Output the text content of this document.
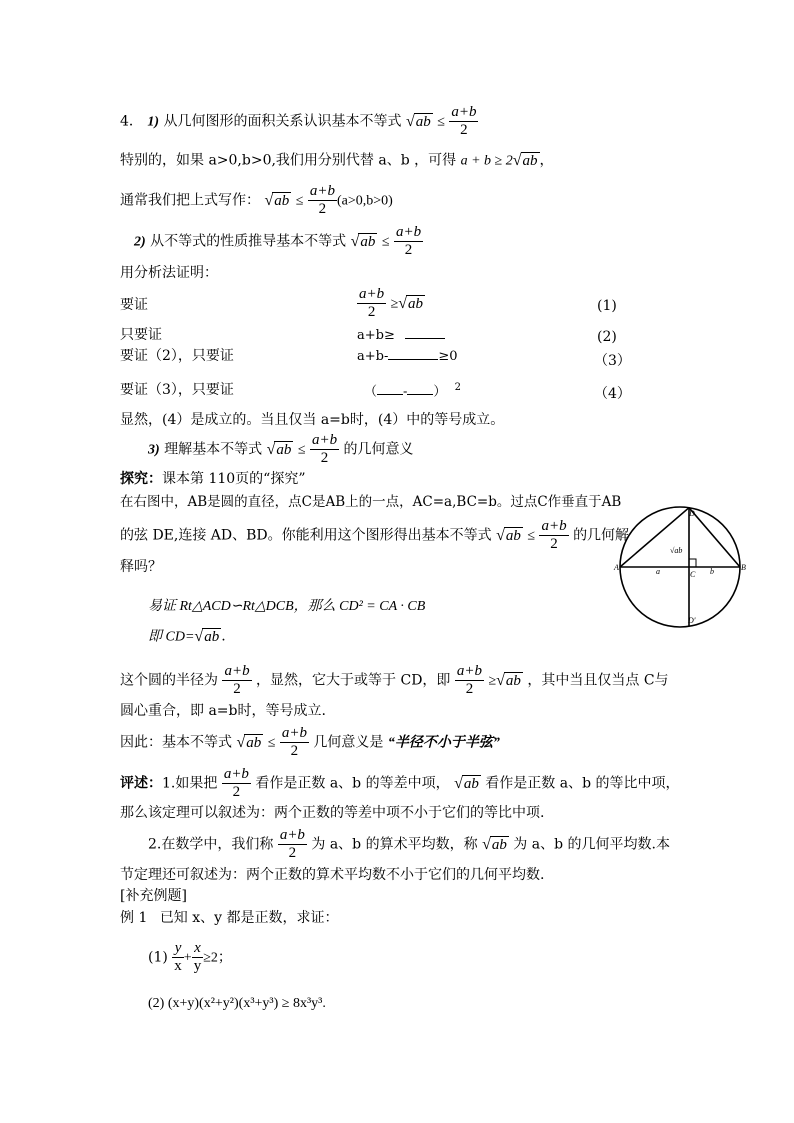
4． 1) 从几何图形的面积关系认识基本不等式 $√ab \le \frac{a+b}{2}$
特别的，如果 a>0,b>0,我们用分别代替 a、b ，可得 a + b ≥ 2√ab ，
通常我们把上式写作： $√ab \le \frac{a+b}{2} (a>0,b>0)$
2) 从不等式的性质推导基本不等式 $√ab \le \frac{a+b}{2}$
用分析法证明：
要证	$\frac{a+b}{2} \ge√ab$	(1)
只要证	a+b≥	(2)
要证（2），只要证	a+b-	≥0	（3）
要证（3），只要证	（ - ） $^2$	（4）
显然，(4）是成立的。当且仅当 a=b时，(4）中的等号成立。
3) 理解基本不等式 $√ab \le \frac{a+b}{2}$ 的几何意义
探究：课本第 110页的“探究”
在右图中，AB是圆的直径，点C是AB上的一点，AC=a,BC=b。过点C作垂直于AB
的弦 DE,连接 AD、BD。你能利用这个图形得出基本不等式 $√ab \le \frac{a+b}{2}$ 的几何解
释吗？	A	B
C
D
D'
a	b
√ab
易证 Rt△ACD∽Rt△DCB，那么 CD² = CA · CB
即 CD=√ab .
这个圆的半径为 $\frac{a+b}{2}$ ，显然，它大于或等于 CD，即 $\frac{a+b}{2} \ge√ab$ ，其中当且仅当点 C与
圆心重合，即 a=b时，等号成立.
因此：基本不等式 $√ab \le \frac{a+b}{2}$ 几何意义是 “半径不小于半弦”
评述：1.如果把 $\frac{a+b}{2}$ 看作是正数 a、b 的等差中项， √ab 看作是正数 a、b 的等比中项，
那么该定理可以叙述为：两个正数的等差中项不小于它们的等比中项.
2.在数学中，我们称 $\frac{a+b}{2}$ 为 a、b 的算术平均数，称 √ab 为 a、b 的几何平均数.本
节定理还可叙述为：两个正数的算术平均数不小于它们的几何平均数.
[补充例题]
例 1 已知 x、y 都是正数，求证：
$(1) \frac{y}{x} + \frac{x}{y} \ge 2$；
(2) (x+y)(x²+y²)(x³+y³) ≥ 8x³y³.
